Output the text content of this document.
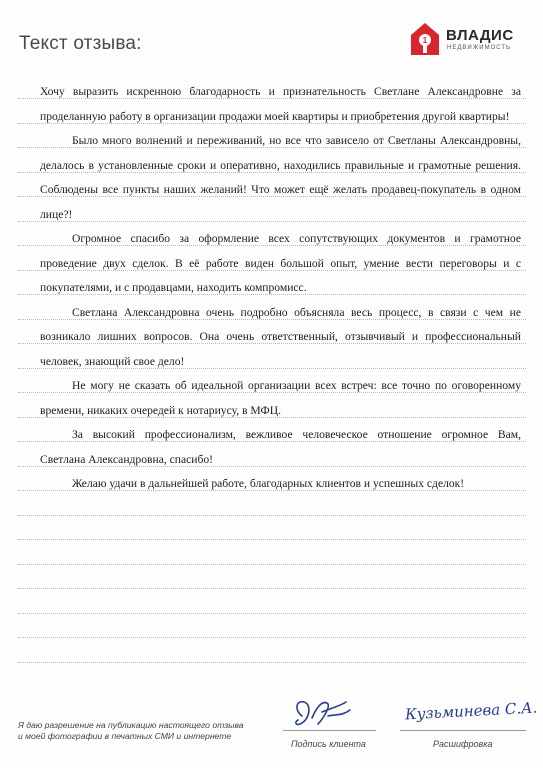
Текст отзыва:	1 ВЛАДИС
НЕДВИЖИМОСТЬ

Хочу выразить искренною благодарность и признательность Светлане Александровне за проделанную работу в организации продажи моей квартиры и приобретения другой квартиры!

Было много волнений и переживаний, но все что зависело от Светланы Александровны, делалось в установленные сроки и оперативно, находились правильные и грамотные решения. Соблюдены все пункты наших желаний! Что может ещё желать продавец-покупатель в одном лице?!

Огромное спасибо за оформление всех сопутствующих документов и грамотное проведение двух сделок. В её работе виден большой опыт, умение вести переговоры и с покупателями, и с продавцами, находить компромисс.

Светлана Александровна очень подробно объясняла весь процесс, в связи с чем не возникало лишних вопросов. Она очень ответственный, отзывчивый и профессиональный человек, знающий свое дело!

Не могу не сказать об идеальной организации всех встреч: все точно по оговоренному времени, никаких очередей к нотариусу, в МФЦ.

За высокий профессионализм, вежливое человеческое отношение огромное Вам, Светлана Александровна, спасибо!

Желаю удачи в дальнейшей работе, благодарных клиентов и успешных сделок!

Я даю разрешение на публикацию настоящего отзыва
и моей фотографии в печатных СМИ и интернете
Подпись клиента
Кузьминева С.А.
Расшифровка
